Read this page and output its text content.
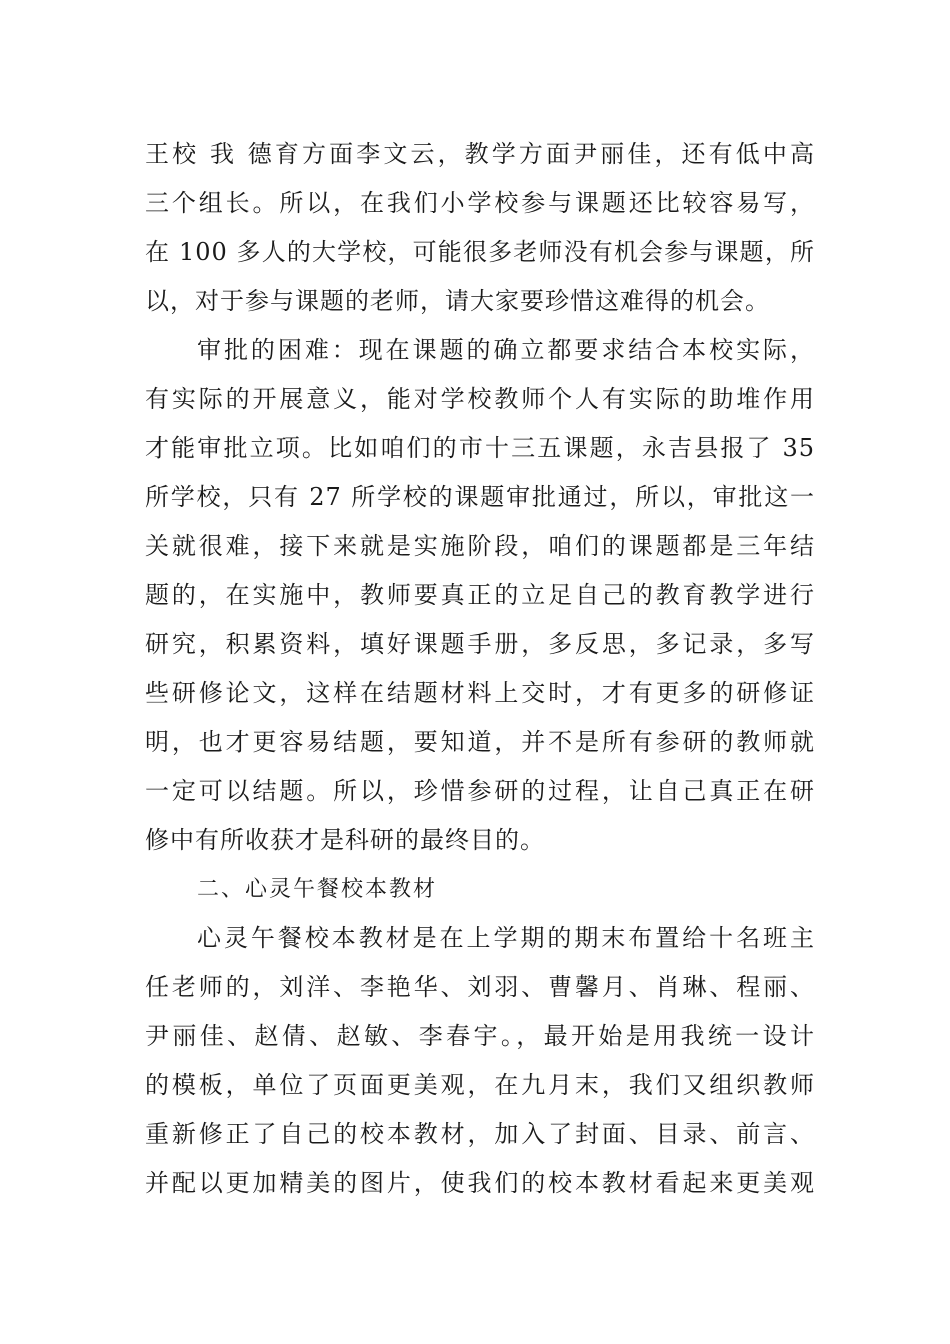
王校 我 德育方面李文云，教学方面尹丽佳，还有低中高
三个组长。所以，在我们小学校参与课题还比较容易写，
在 100 多人的大学校，可能很多老师没有机会参与课题，所
以，对于参与课题的老师，请大家要珍惜这难得的机会。
审批的困难：现在课题的确立都要求结合本校实际，
有实际的开展意义，能对学校教师个人有实际的助堆作用
才能审批立项。比如咱们的市十三五课题，永吉县报了 35
所学校，只有 27 所学校的课题审批通过，所以，审批这一
关就很难，接下来就是实施阶段，咱们的课题都是三年结
题的，在实施中，教师要真正的立足自己的教育教学进行
研究，积累资料，填好课题手册，多反思，多记录，多写
些研修论文，这样在结题材料上交时，才有更多的研修证
明，也才更容易结题，要知道，并不是所有参研的教师就
一定可以结题。所以，珍惜参研的过程，让自己真正在研
修中有所收获才是科研的最终目的。
二、心灵午餐校本教材
心灵午餐校本教材是在上学期的期末布置给十名班主
任老师的，刘洋、李艳华、刘羽、曹馨月、肖琳、程丽、
尹丽佳、赵倩、赵敏、李春宇。，最开始是用我统一设计
的模板，单位了页面更美观，在九月末，我们又组织教师
重新修正了自己的校本教材，加入了封面、目录、前言、
并配以更加精美的图片，使我们的校本教材看起来更美观
